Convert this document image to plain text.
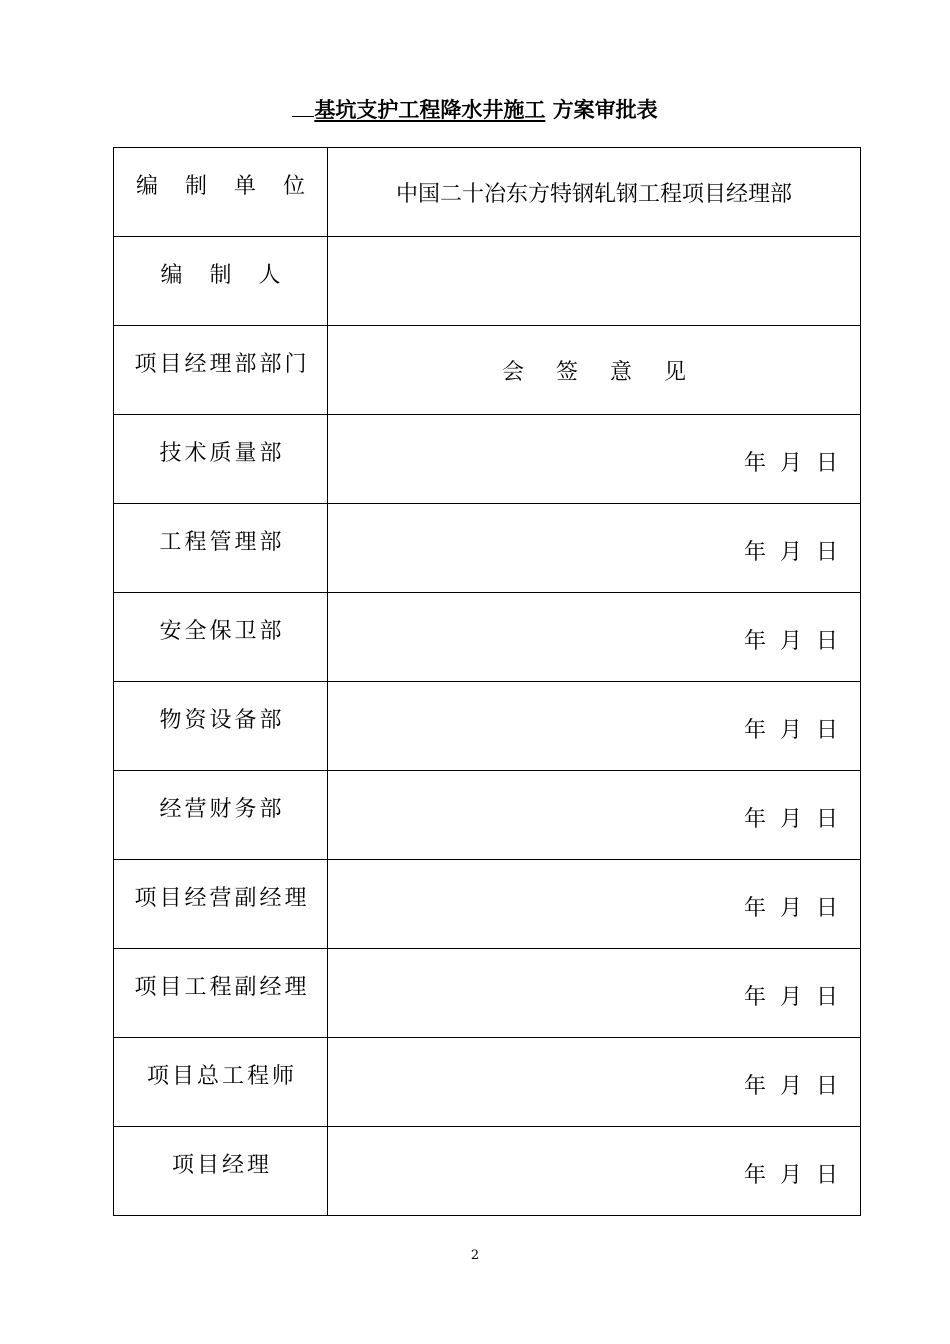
基坑支护工程降水井施工 方案审批表
编 制 单 位	中国二十冶东方特钢轧钢工程项目经理部

编 制 人	

项目经理部部门	会签意见

技术质量部	年月日

工程管理部	年月日

安全保卫部	年月日

物资设备部	年月日

经营财务部	年月日

项目经营副经理	年月日

项目工程副经理	年月日

项目总工程师	年月日

项目经理	年月日
2
